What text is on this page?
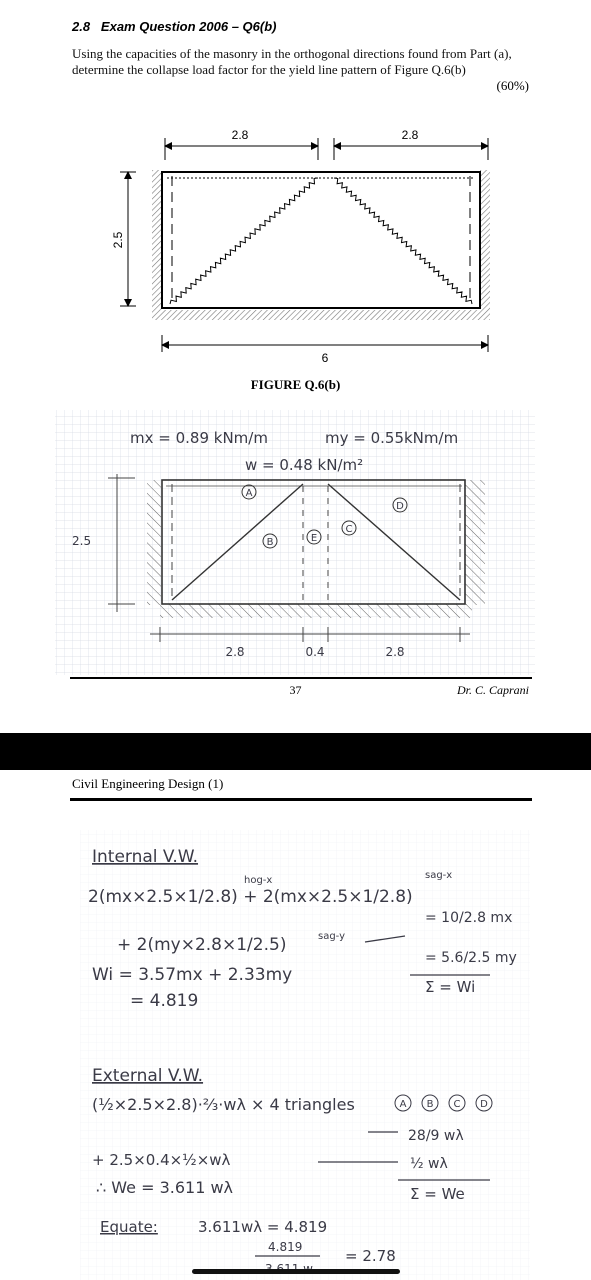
2.8 Exam Question 2006 – Q6(b)
Using the capacities of the masonry in the orthogonal directions found from Part (a), determine the collapse load factor for the yield line pattern of Figure Q.6(b)
(60%)
2.8	2.8
2.5
6
FIGURE Q.6(b)
mx = 0.89 kNm/m	my = 0.55kNm/m
w = 0.48 kN/m²
A
B	E
C
D
2.5
2.8	0.4	2.8
37	Dr. C. Caprani
Civil Engineering Design (1)
Internal V.W.
hog-x	sag-x
2(mx×2.5×1/2.8) + 2(mx×2.5×1/2.8)
= 10/2.8 mx
sag-y
+ 2(my×2.8×1/2.5)
= 5.6/2.5 my
Σ = Wi
Wi = 3.57mx + 2.33my
= 4.819
External V.W.
(½×2.5×2.8)·⅔·wλ × 4 triangles	A B C D
28/9 wλ
+ 2.5×0.4×½×wλ	½ wλ
Σ = We
∴ We = 3.611 wλ
Equate:	3.611wλ = 4.819
4.819	= 2.78
